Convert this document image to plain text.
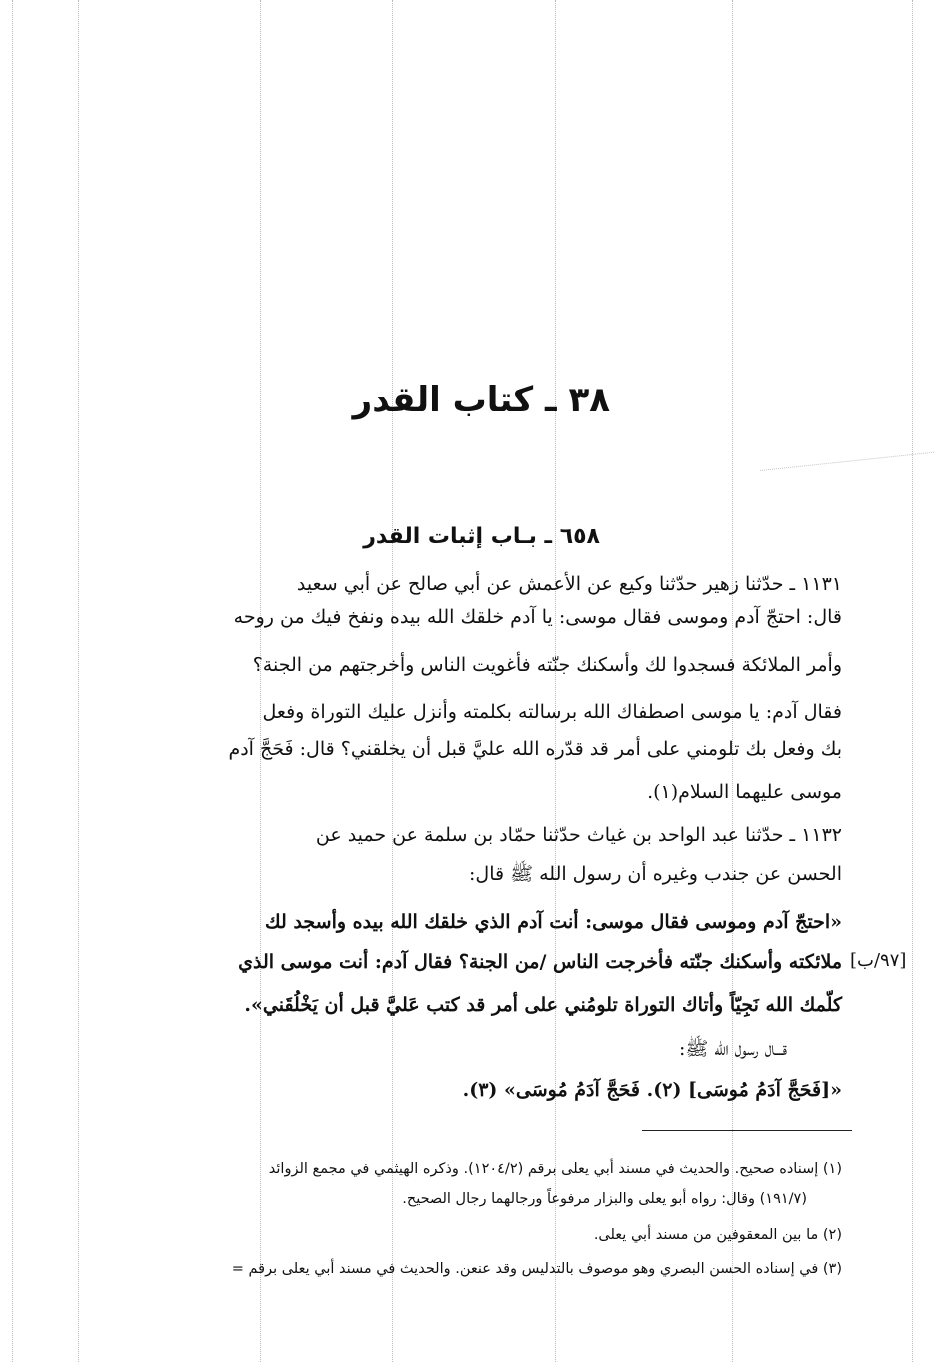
٣٨ ـ كتاب القدر
٦٥٨ ـ بـاب إثبات القدر
١١٣١ ـ حدّثنا زهير حدّثنا وكيع عن الأعمش عن أبي صالح عن أبي سعيد
قال: احتجّ آدم وموسى فقال موسى: يا آدم خلقك الله بيده ونفخ فيك من روحه
وأمر الملائكة فسجدوا لك وأسكنك جنّته فأغويت الناس وأخرجتهم من الجنة؟
فقال آدم: يا موسى اصطفاك الله برسالته بكلمته وأنزل عليك التوراة وفعل
بك وفعل بك تلومني على أمر قد قدّره الله عليَّ قبل أن يخلقني؟ قال: فَحَجَّ آدم
موسى عليهما السلام(١).
١١٣٢ ـ حدّثنا عبد الواحد بن غياث حدّثنا حمّاد بن سلمة عن حميد عن
الحسن عن جندب وغيره أن رسول الله ﷺ قال:
«احتجّ آدم وموسى فقال موسى: أنت آدم الذي خلقك الله بيده وأسجد لك
ملائكته وأسكنك جنّته فأخرجت الناس /من الجنة؟ فقال آدم: أنت موسى الذي
كلّمك الله نَجِيّاً وأتاك التوراة تلومُني على أمر قد كتب عَليَّ قبل أن يَخْلُقَني».
قـــال رسول الله ﷺ:
«[فَحَجَّ آدَمُ مُوسَى] (٢). فَحَجَّ آدَمُ مُوسَى» (٣).
[٩٧/ب]
(١) إسناده صحيح. والحديث في مسند أبي يعلى برقم (١٢٠٤/٢). وذكره الهيثمي في مجمع الزوائد
(١٩١/٧) وقال: رواه أبو يعلى والبزار مرفوعاً ورجالهما رجال الصحيح.
(٢) ما بين المعقوفين من مسند أبي يعلى.
(٣) في إسناده الحسن البصري وهو موصوف بالتدليس وقد عنعن. والحديث في مسند أبي يعلى برقم =
